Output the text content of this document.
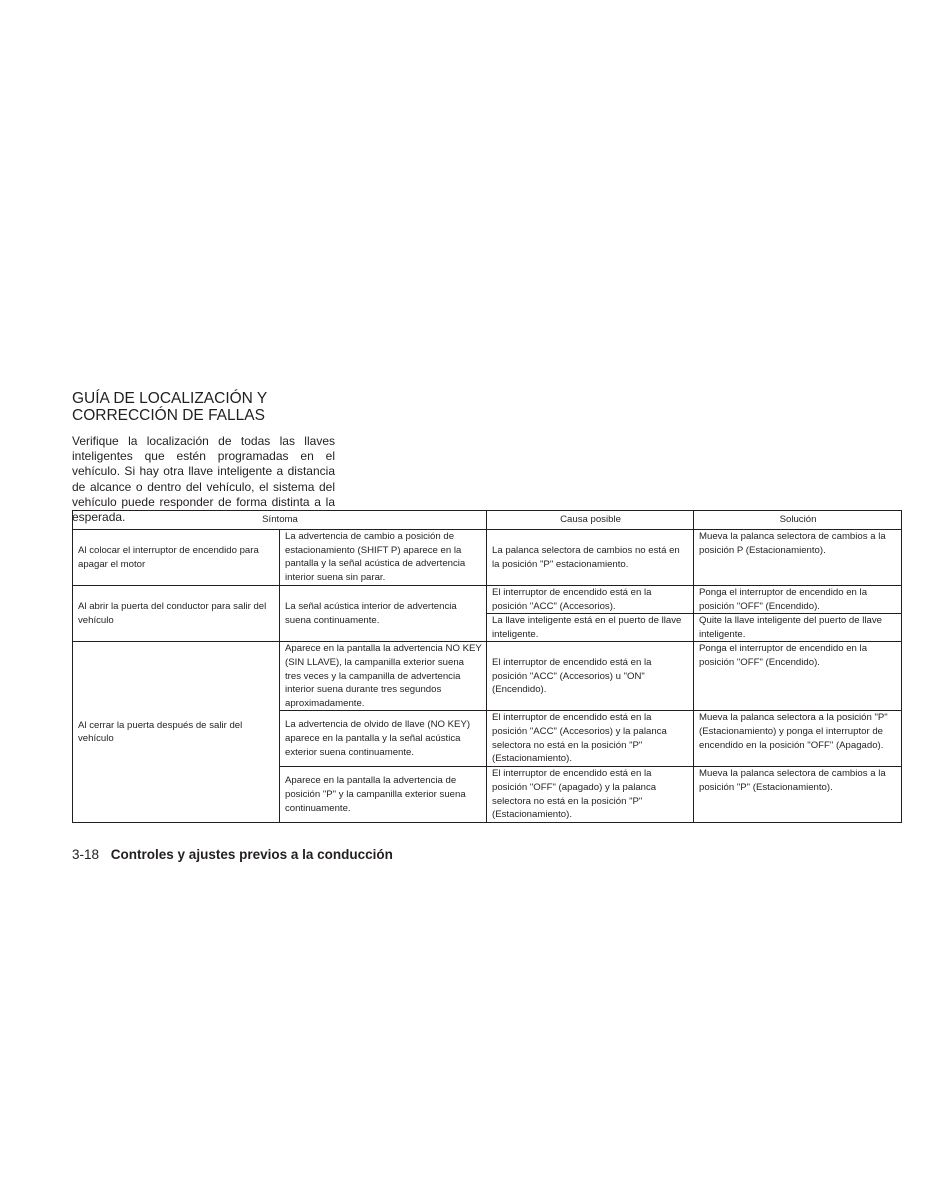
GUÍA DE LOCALIZACIÓN Y
CORRECCIÓN DE FALLAS

Verifique la localización de todas las llaves inteligentes que estén programadas en el vehículo. Si hay otra llave inteligente a distancia de alcance o dentro del vehículo, el sistema del vehículo puede responder de forma distinta a la esperada.	Síntoma		Causa posible	Solución
Al colocar el interruptor de encendido para apagar el motor	La advertencia de cambio a posición de estacionamiento (SHIFT P) aparece en la pantalla y la señal acústica de advertencia interior suena sin parar.	La palanca selectora de cambios no está en la posición "P" estacionamiento.	Mueva la palanca selectora de cambios a la posición P (Estacionamiento).
Al abrir la puerta del conductor para salir del vehículo	La señal acústica interior de advertencia suena continuamente.	El interruptor de encendido está en la posición "ACC" (Accesorios).	Ponga el interruptor de encendido en la posición "OFF" (Encendido).
		La llave inteligente está en el puerto de llave inteligente.	Quite la llave inteligente del puerto de llave inteligente.
Al cerrar la puerta después de salir del vehículo	Aparece en la pantalla la advertencia NO KEY (SIN LLAVE), la campanilla exterior suena tres veces y la campanilla de advertencia interior suena durante tres segundos aproximadamente.	El interruptor de encendido está en la posición "ACC" (Accesorios) u "ON" (Encendido).	Ponga el interruptor de encendido en la posición "OFF" (Encendido).
	La advertencia de olvido de llave (NO KEY) aparece en la pantalla y la señal acústica exterior suena continuamente.	El interruptor de encendido está en la posición "ACC" (Accesorios) y la palanca selectora no está en la posición "P" (Estacionamiento).	Mueva la palanca selectora a la posición "P" (Estacionamiento) y ponga el interruptor de encendido en la posición "OFF" (Apagado).
	Aparece en la pantalla la advertencia de posición "P" y la campanilla exterior suena continuamente.	El interruptor de encendido está en la posición "OFF" (apagado) y la palanca selectora no está en la posición "P" (Estacionamiento).	Mueva la palanca selectora de cambios a la posición "P" (Estacionamiento).
3-18 Controles y ajustes previos a la conducción
